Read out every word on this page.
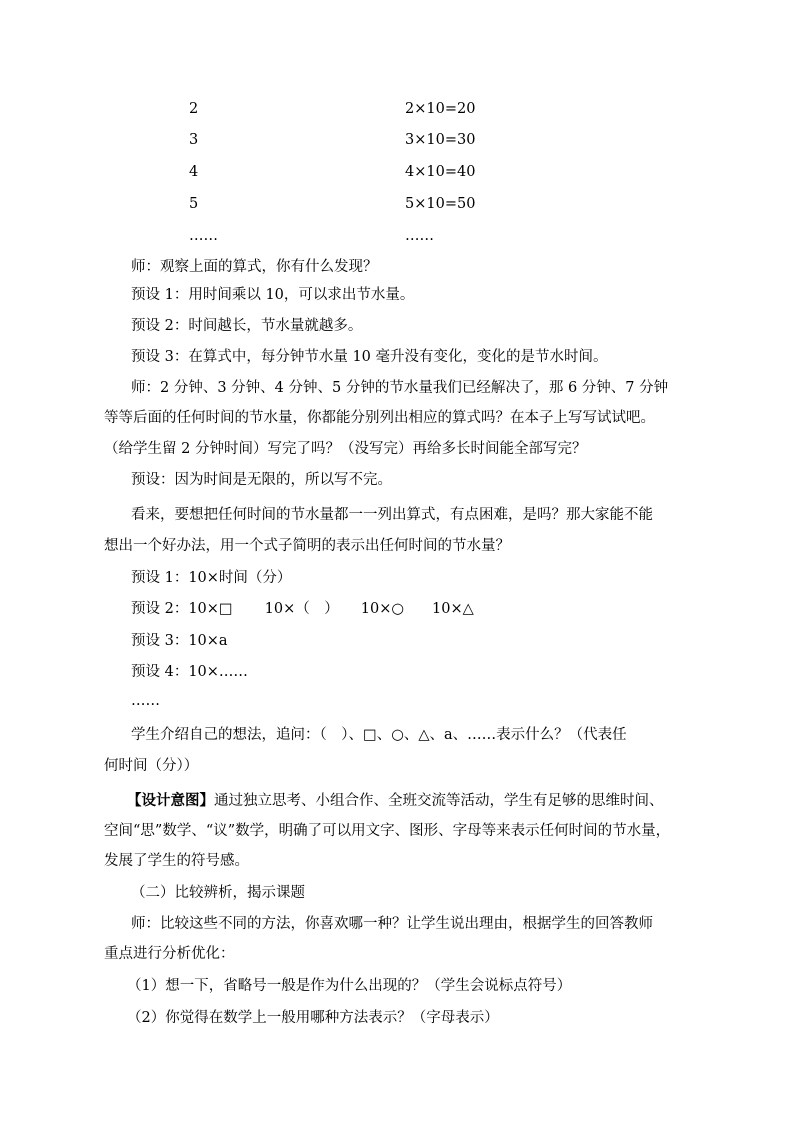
2	2×10=20
3	3×10=30
4	4×10=40
5	5×10=50
……	……
师：观察上面的算式，你有什么发现？
预设 1：用时间乘以 10，可以求出节水量。
预设 2：时间越长，节水量就越多。
预设 3：在算式中，每分钟节水量 10 毫升没有变化，变化的是节水时间。
师：2 分钟、3 分钟、4 分钟、5 分钟的节水量我们已经解决了，那 6 分钟、7 分钟
等等后面的任何时间的节水量，你都能分别列出相应的算式吗？在本子上写写试试吧。
（给学生留 2 分钟时间）写完了吗？（没写完）再给多长时间能全部写完？
预设：因为时间是无限的，所以写不完。
看来，要想把任何时间的节水量都一一列出算式，有点困难，是吗？那大家能不能
想出一个好办法，用一个式子简明的表示出任何时间的节水量？
预设 1：10×时间（分）
预设 2：10×□ 10×（　） 10×○ 10×△
预设 3：10×a
预设 4：10×……
……
学生介绍自己的想法，追问：（　）、□、○、△、a、……表示什么？（代表任
何时间（分））
【设计意图】通过独立思考、小组合作、全班交流等活动，学生有足够的思维时间、
空间“思”数学、“议”数学，明确了可以用文字、图形、字母等来表示任何时间的节水量，
发展了学生的符号感。
（二）比较辨析，揭示课题
师：比较这些不同的方法，你喜欢哪一种？让学生说出理由，根据学生的回答教师
重点进行分析优化：
（1）想一下，省略号一般是作为什么出现的？（学生会说标点符号）
（2）你觉得在数学上一般用哪种方法表示？（字母表示）
